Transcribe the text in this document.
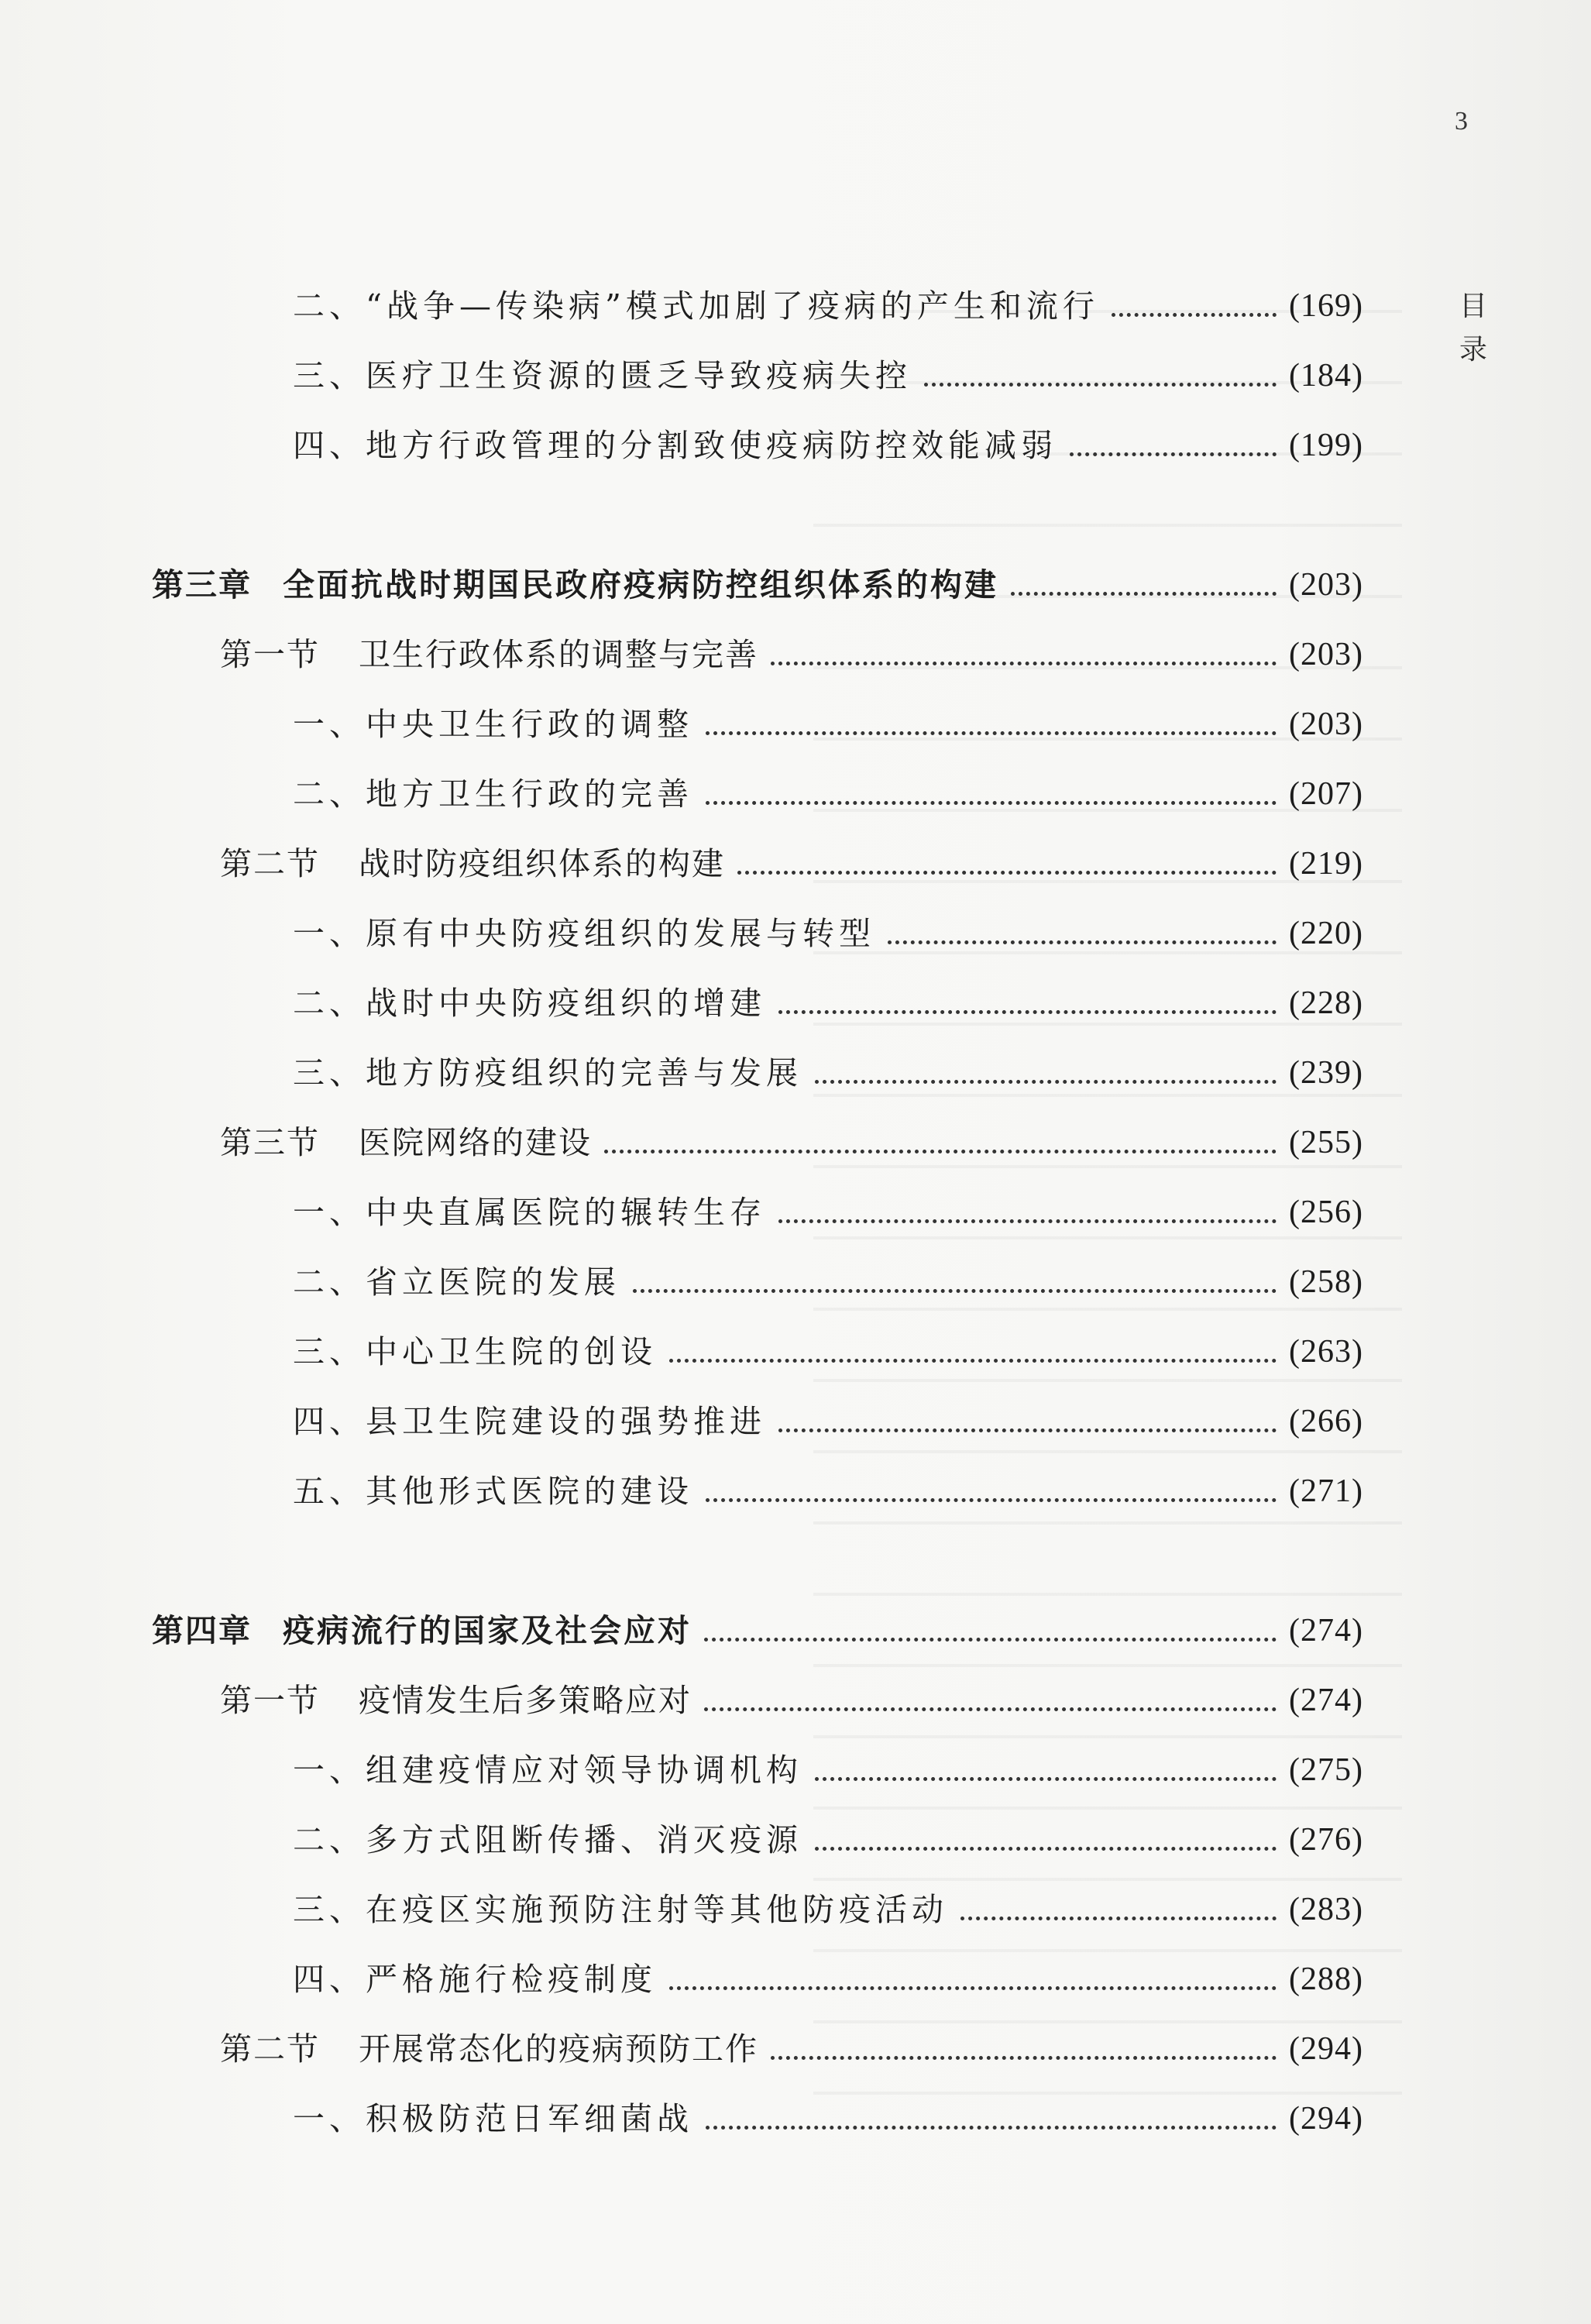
3
目
录
二、“战争—传染病”模式加剧了疫病的产生和流行	(169)
三、医疗卫生资源的匮乏导致疫病失控	(184)
四、地方行政管理的分割致使疫病防控效能减弱	(199)
第三章 全面抗战时期国民政府疫病防控组织体系的构建	(203)
第一节 卫生行政体系的调整与完善	(203)
一、中央卫生行政的调整	(203)
二、地方卫生行政的完善	(207)
第二节 战时防疫组织体系的构建	(219)
一、原有中央防疫组织的发展与转型	(220)
二、战时中央防疫组织的增建	(228)
三、地方防疫组织的完善与发展	(239)
第三节 医院网络的建设	(255)
一、中央直属医院的辗转生存	(256)
二、省立医院的发展	(258)
三、中心卫生院的创设	(263)
四、县卫生院建设的强势推进	(266)
五、其他形式医院的建设	(271)
第四章 疫病流行的国家及社会应对	(274)
第一节 疫情发生后多策略应对	(274)
一、组建疫情应对领导协调机构	(275)
二、多方式阻断传播、消灭疫源	(276)
三、在疫区实施预防注射等其他防疫活动	(283)
四、严格施行检疫制度	(288)
第二节 开展常态化的疫病预防工作	(294)
一、积极防范日军细菌战	(294)
